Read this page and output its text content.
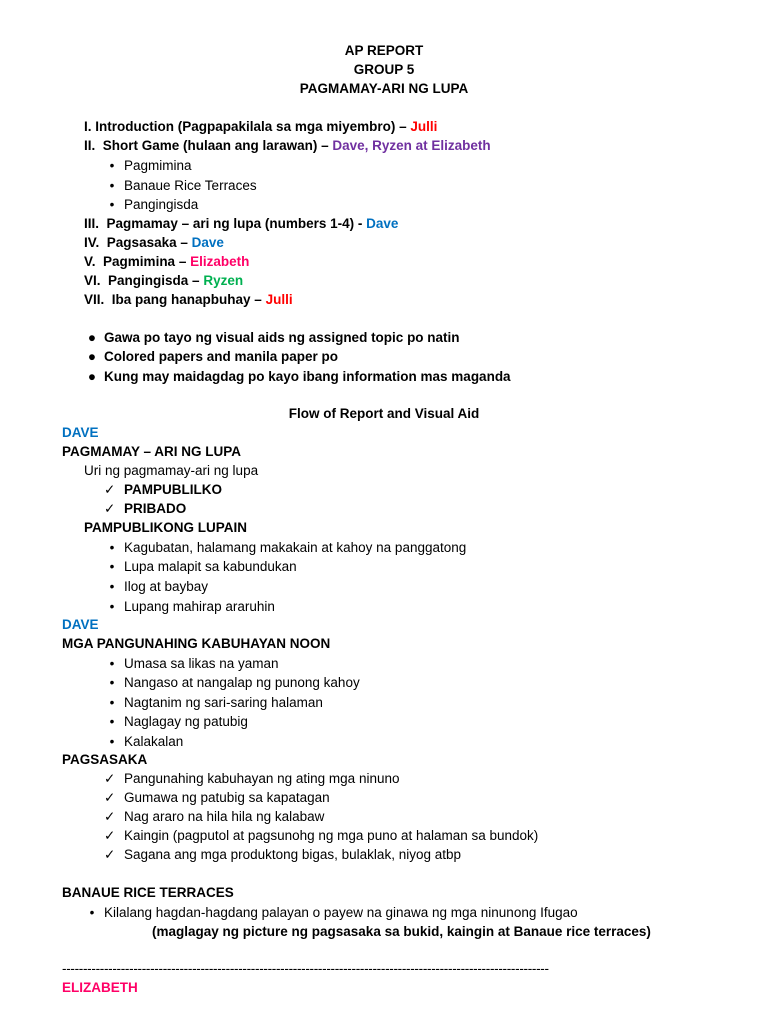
AP REPORT
GROUP 5
PAGMAMAY-ARI NG LUPA
I. Introduction (Pagpapakilala sa mga miyembro) – Julli
II. Short Game (hulaan ang larawan) – Dave, Ryzen at Elizabeth
• Pagmimina
• Banaue Rice Terraces
• Pangingisda
III. Pagmamay – ari ng lupa (numbers 1-4) - Dave
IV. Pagsasaka – Dave
V. Pagmimina – Elizabeth
VI. Pangingisda – Ryzen
VII. Iba pang hanapbuhay – Julli
● Gawa po tayo ng visual aids ng assigned topic po natin
● Colored papers and manila paper po
● Kung may maidagdag po kayo ibang information mas maganda
Flow of Report and Visual Aid
DAVE
PAGMAMAY – ARI NG LUPA
Uri ng pagmamay-ari ng lupa
✓ PAMPUBLILKO
✓ PRIBADO
PAMPUBLIKONG LUPAIN
• Kagubatan, halamang makakain at kahoy na panggatong
• Lupa malapit sa kabundukan
• Ilog at baybay
• Lupang mahirap araruhin
DAVE
MGA PANGUNAHING KABUHAYAN NOON
• Umasa sa likas na yaman
• Nangaso at nangalap ng punong kahoy
• Nagtanim ng sari-saring halaman
• Naglagay ng patubig
• Kalakalan
PAGSASAKA
✓ Pangunahing kabuhayan ng ating mga ninuno
✓ Gumawa ng patubig sa kapatagan
✓ Nag araro na hila hila ng kalabaw
✓ Kaingin (pagputol at pagsunohg ng mga puno at halaman sa bundok)
✓ Sagana ang mga produktong bigas, bulaklak, niyog atbp
BANAUE RICE TERRACES
• Kilalang hagdan-hagdang palayan o payew na ginawa ng mga ninunong Ifugao
(maglagay ng picture ng pagsasaka sa bukid, kaingin at Banaue rice terraces)
--------------------------------------------------------------------------------------------------------------------
ELIZABETH
